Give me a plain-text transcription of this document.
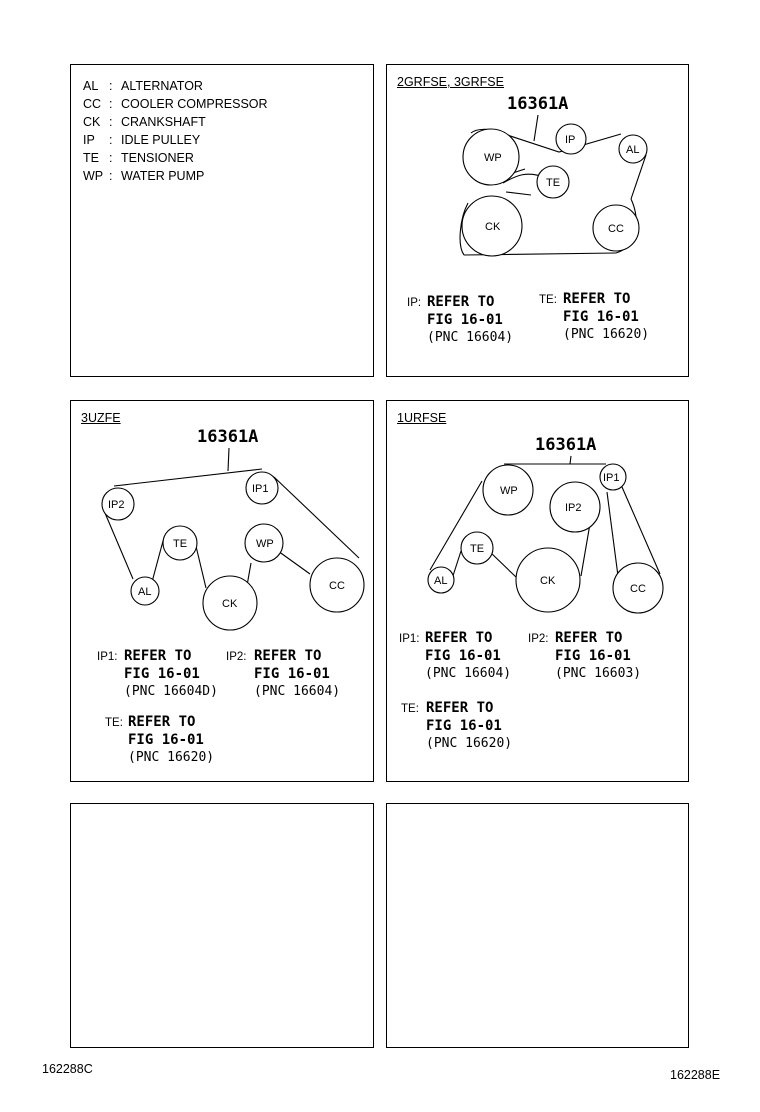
AL : ALTERNATOR
CC : COOLER COMPRESSOR
CK : CRANKSHAFT
IP : IDLE PULLEY
TE : TENSIONER
WP : WATER PUMP
2GRFSE, 3GRFSE
16361A
WP
IP
AL
TE
CK	CC
IP: REFER TO
FIG 16-01
(PNC 16604)
TE: REFER TO
FIG 16-01
(PNC 16620)
3UZFE
16361A
IP2
IP1
TE	WP
AL
CK
CC
IP1: REFER TO
FIG 16-01
(PNC 16604D)
IP2: REFER TO
FIG 16-01
(PNC 16604)
TE: REFER TO
FIG 16-01
(PNC 16620)
1URFSE
16361A
WP
IP1
IP2
TE
CK
AL
CC
IP1: REFER TO
FIG 16-01
(PNC 16604)
IP2: REFER TO
FIG 16-01
(PNC 16603)
TE: REFER TO
FIG 16-01
(PNC 16620)
162288C	162288E
